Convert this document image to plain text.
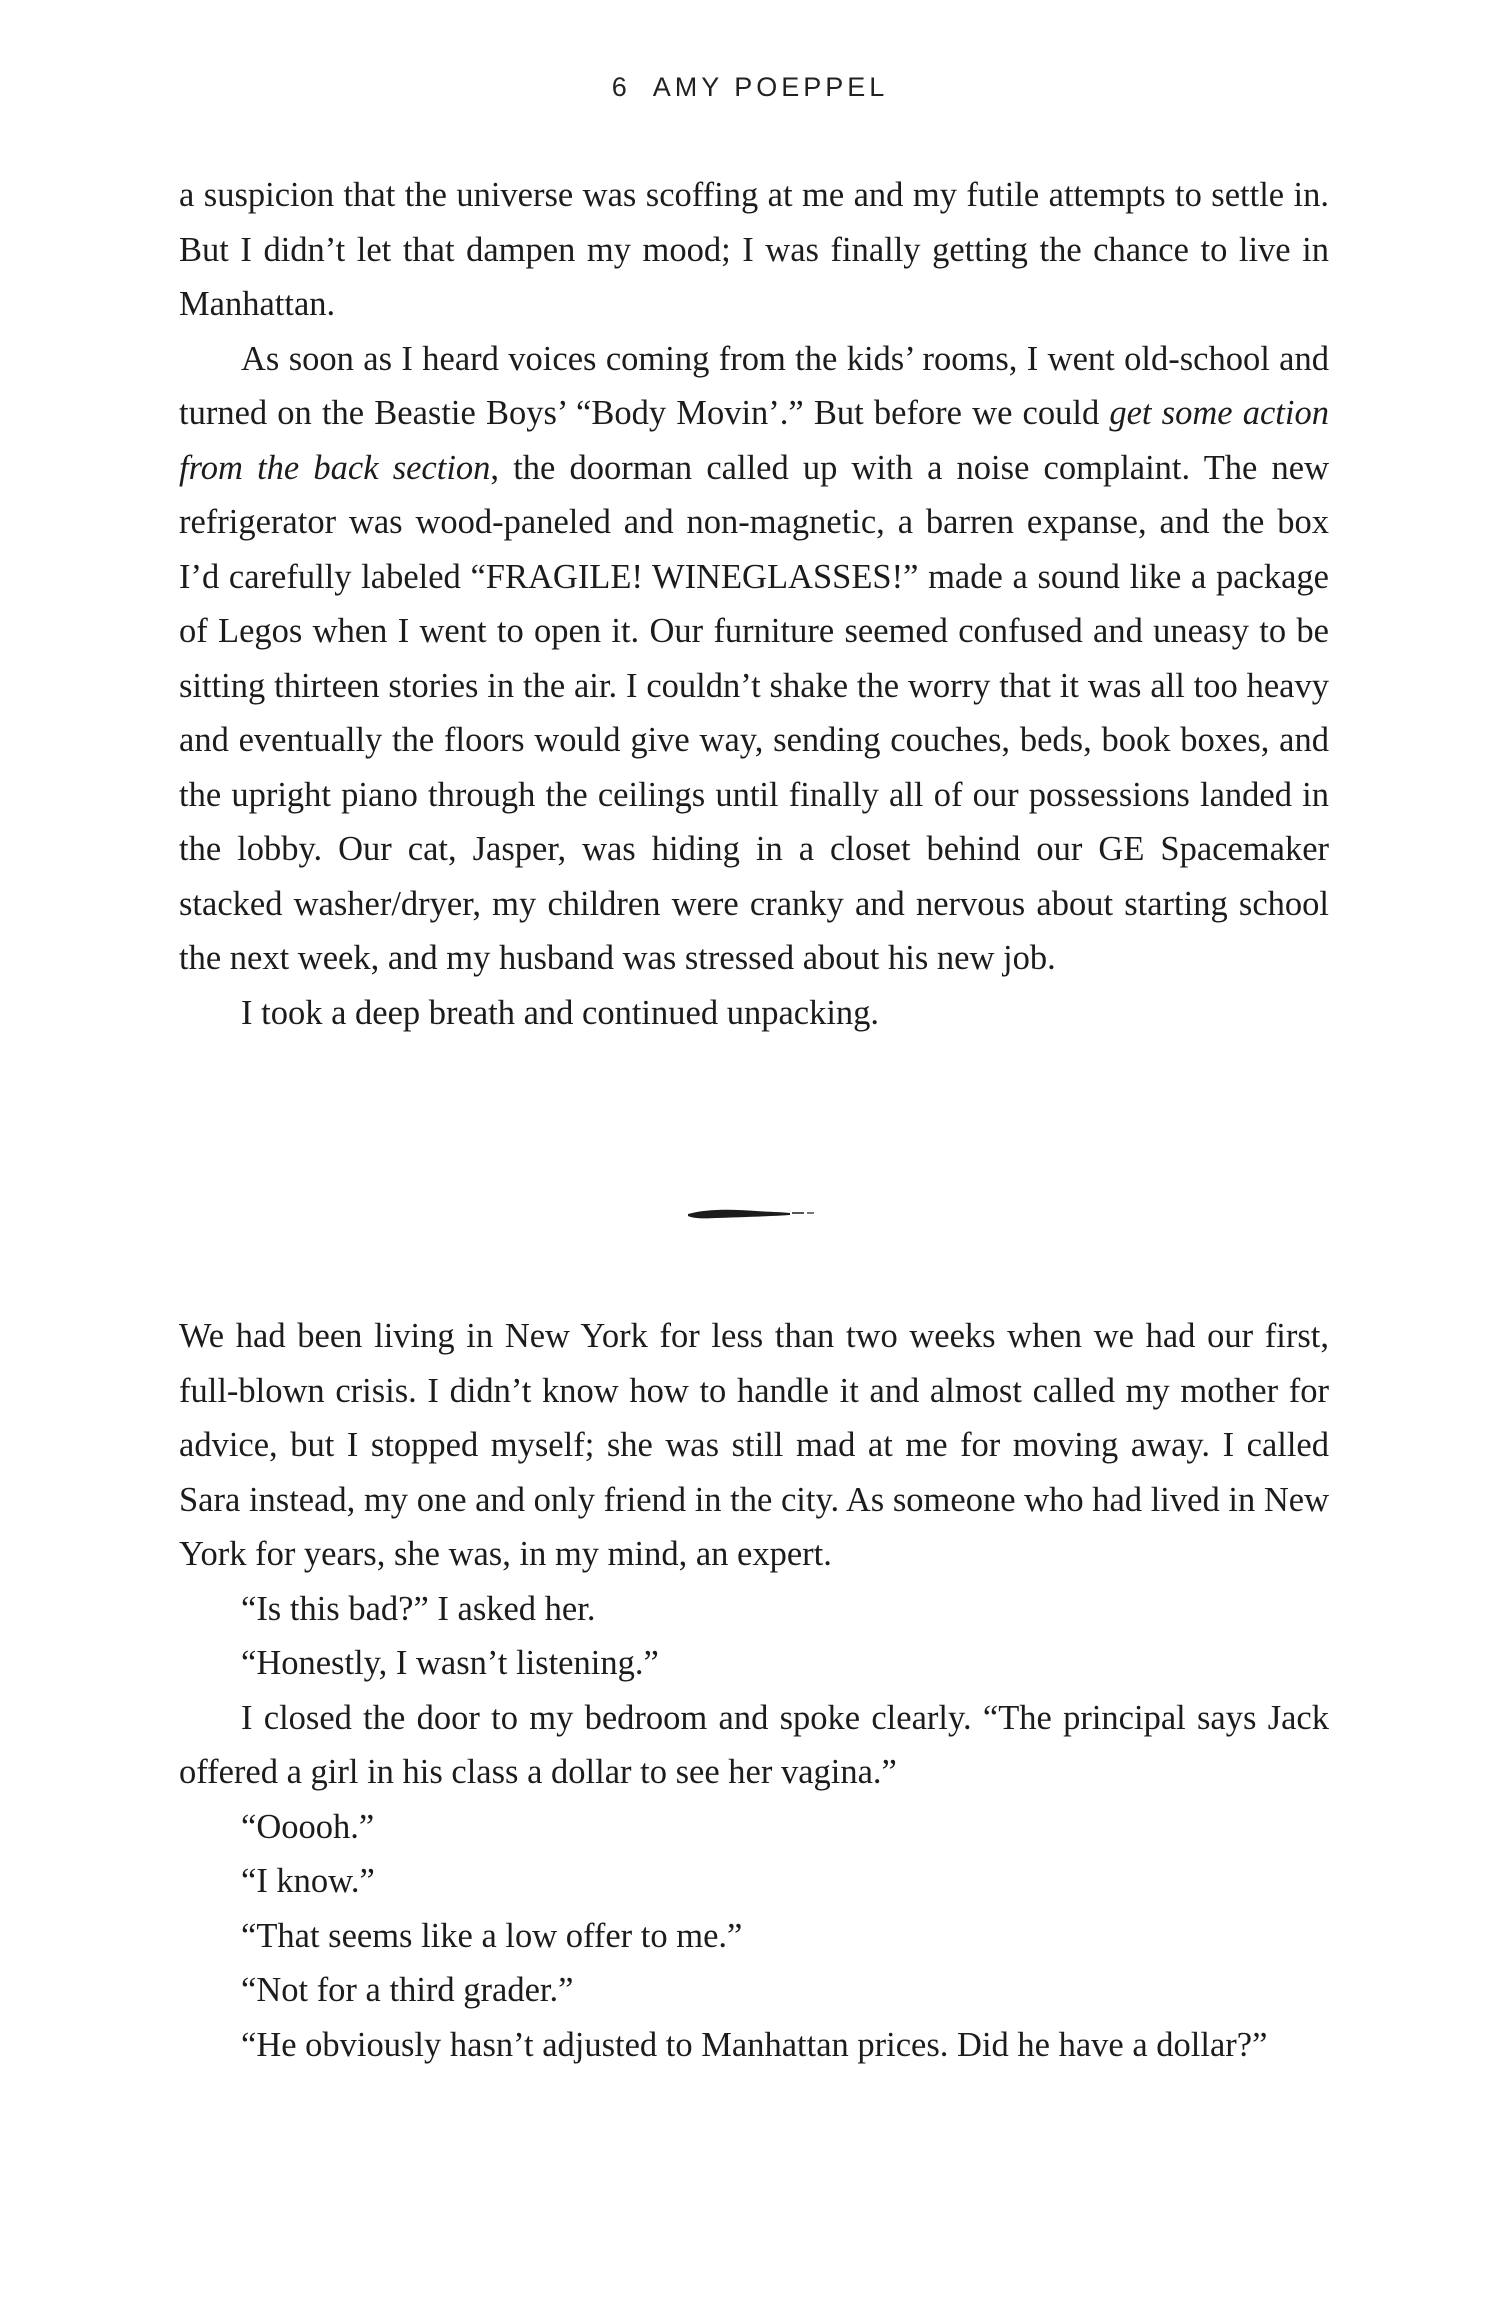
6 AMY POEPPEL

a suspicion that the universe was scoffing at me and my futile attempts to settle in. But I didn’t let that dampen my mood; I was finally getting the chance to live in Manhattan.

As soon as I heard voices coming from the kids’ rooms, I went old-school and turned on the Beastie Boys’ “Body Movin’.” But before we could get some action from the back section, the doorman called up with a noise complaint. The new refrigerator was wood-paneled and non-magnetic, a barren expanse, and the box I’d carefully labeled “FRAGILE! WINEGLASSES!” made a sound like a package of Legos when I went to open it. Our furniture seemed confused and uneasy to be sitting thirteen stories in the air. I couldn’t shake the worry that it was all too heavy and eventually the floors would give way, sending couches, beds, book boxes, and the upright piano through the ceilings until finally all of our possessions landed in the lobby. Our cat, Jasper, was hiding in a closet behind our GE Spacemaker stacked washer/dryer, my children were cranky and nervous about starting school the next week, and my husband was stressed about his new job.

I took a deep breath and continued unpacking.

We had been living in New York for less than two weeks when we had our first, full-blown crisis. I didn’t know how to handle it and almost called my mother for advice, but I stopped myself; she was still mad at me for moving away. I called Sara instead, my one and only friend in the city. As someone who had lived in New York for years, she was, in my mind, an expert.

“Is this bad?” I asked her.

“Honestly, I wasn’t listening.”

I closed the door to my bedroom and spoke clearly. “The principal says Jack offered a girl in his class a dollar to see her vagina.”

“Ooooh.”

“I know.”

“That seems like a low offer to me.”

“Not for a third grader.”

“He obviously hasn’t adjusted to Manhattan prices. Did he have a dollar?”
